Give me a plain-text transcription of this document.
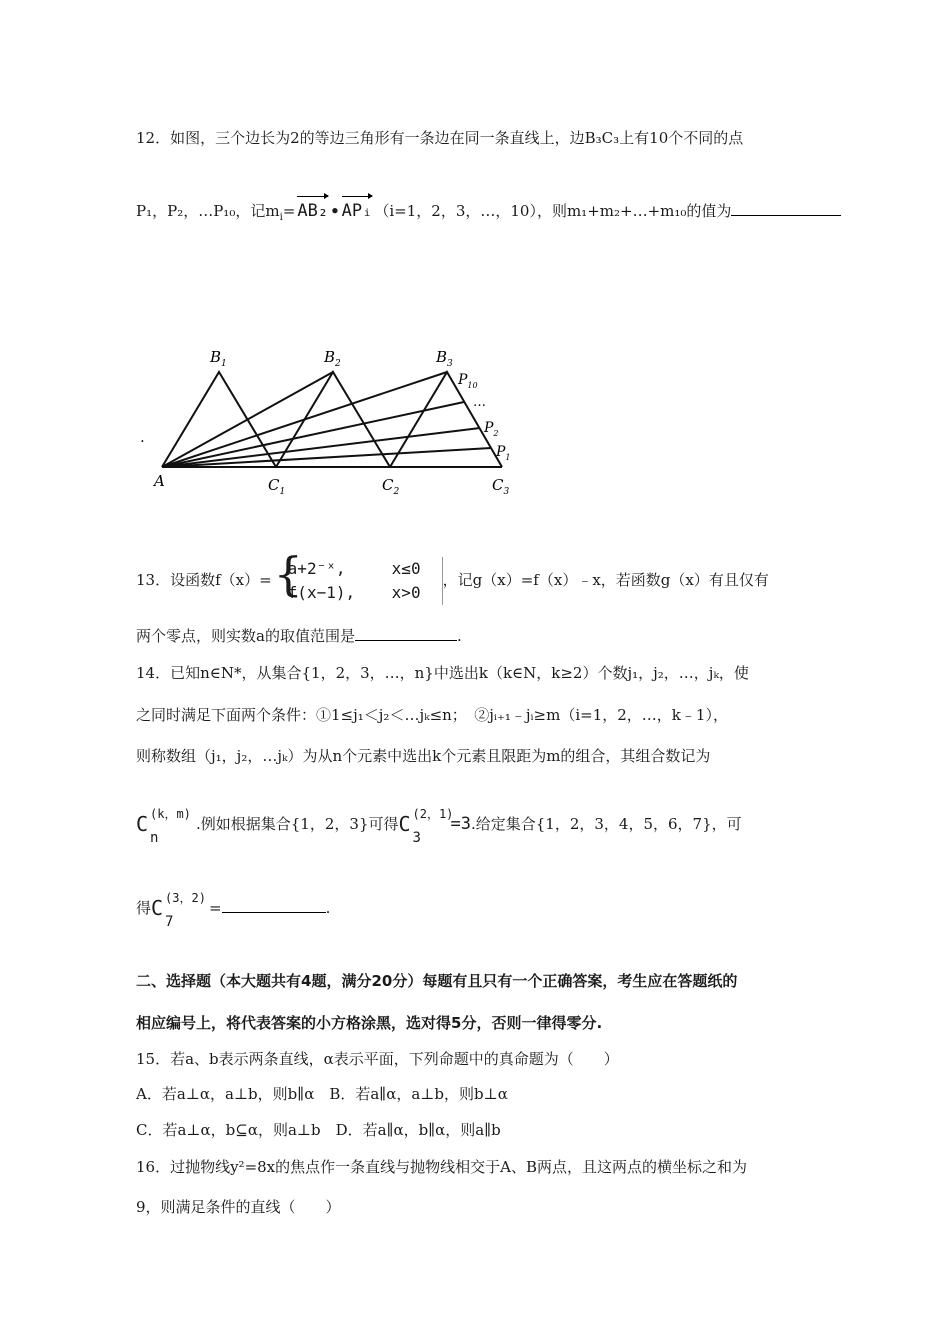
12．如图，三个边长为2的等边三角形有一条边在同一条直线上，边B₃C₃上有10个不同的点
P₁，P₂，…P₁₀，记$m_i= AB_2$ • APᵢ （i=1，2，3，…，10），则m₁+m₂+…+m₁₀的值为
.
$B_1$	$B_2$	$B_3$
$P_{10}$
…
$P_2$
$P_1$
A	$C_1$	$C_2$	$C_3$
13．设函数f（x）= {
a+2⁻ˣ,	x≤0
f(x−1), x>0
，记g（x）=f（x）﹣x，若函数g（x）有且仅有
两个零点，则实数a的取值范围是	.
14．已知n∈N*，从集合{1，2，3，…，n}中选出k（k∈N，k≥2）个数j₁，j₂，…，jₖ，使
之同时满足下面两个条件：①1≤j₁＜j₂＜…jₖ≤n；　②jᵢ₊₁﹣jᵢ≥m（i=1，2，…，k﹣1），
则称数组（j₁，j₂，…jₖ）为从n个元素中选出k个元素且限距为m的组合，其组合数记为
C (k，m)
n
.例如根据集合{1，2，3}可得C (2，1)
3
=3.给定集合{1，2，3，4，5，6，7}，可
得C (3，2)
7
=	.
二、选择题（本大题共有4题，满分20分）每题有且只有一个正确答案，考生应在答题纸的
相应编号上，将代表答案的小方格涂黑，选对得5分，否则一律得零分.
15．若a、b表示两条直线，α表示平面，下列命题中的真命题为（　　）
A．若a⊥α，a⊥b，则b∥α　B．若a∥α，a⊥b，则b⊥α
C．若a⊥α，b⊆α，则a⊥b　D．若a∥α，b∥α，则a∥b
16．过抛物线y²=8x的焦点作一条直线与抛物线相交于A、B两点，且这两点的横坐标之和为
9，则满足条件的直线（　　）
